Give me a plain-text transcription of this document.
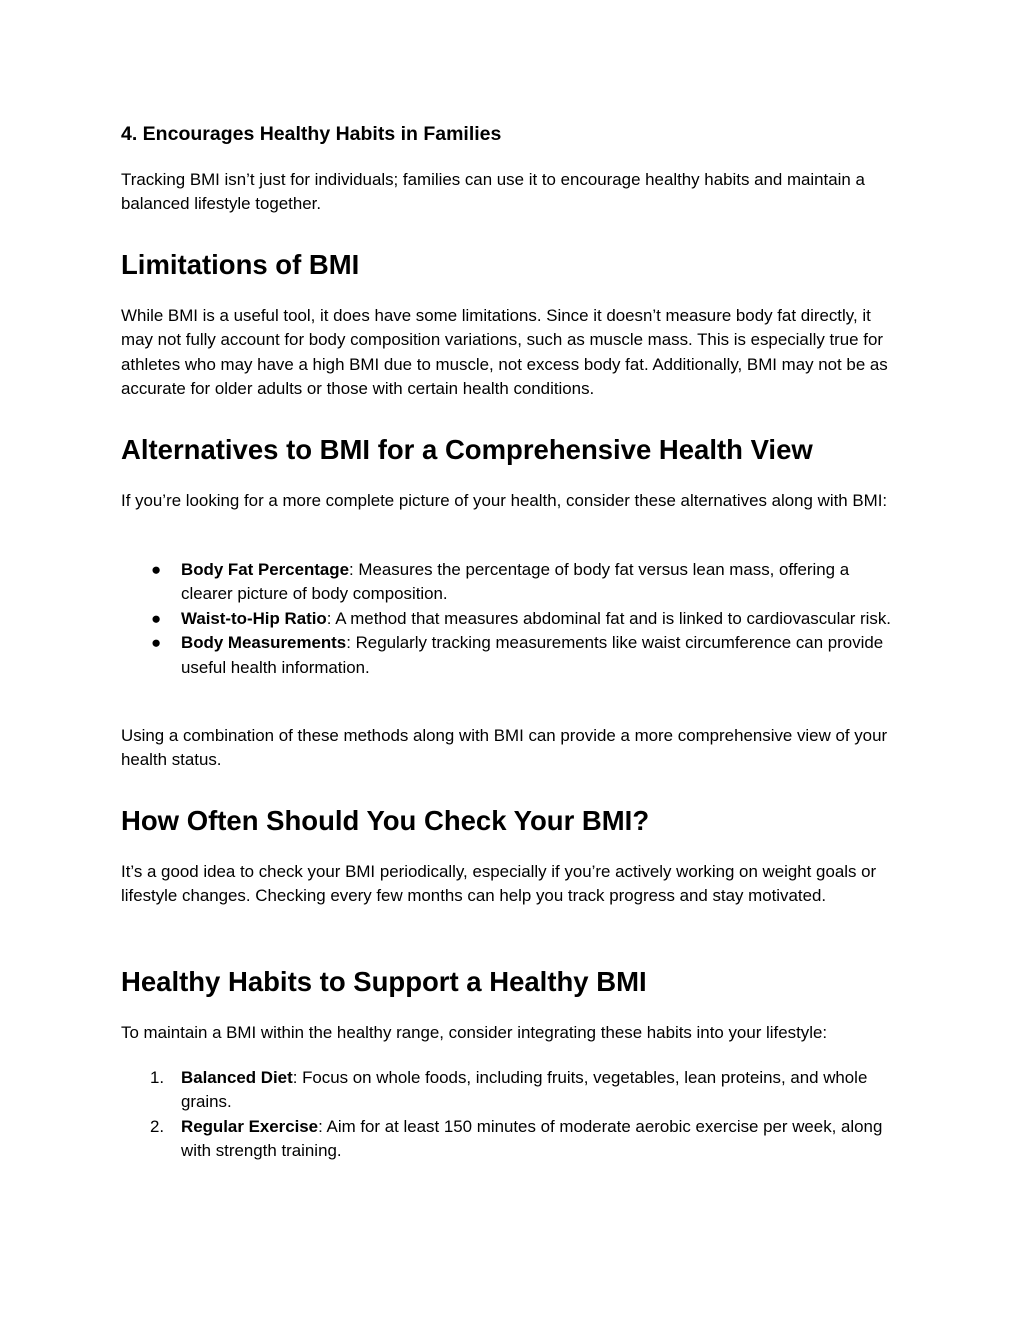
4. Encourages Healthy Habits in Families

Tracking BMI isn’t just for individuals; families can use it to encourage healthy habits and maintain a balanced lifestyle together.

Limitations of BMI

While BMI is a useful tool, it does have some limitations. Since it doesn’t measure body fat directly, it may not fully account for body composition variations, such as muscle mass. This is especially true for athletes who may have a high BMI due to muscle, not excess body fat. Additionally, BMI may not be as accurate for older adults or those with certain health conditions.

Alternatives to BMI for a Comprehensive Health View

If you’re looking for a more complete picture of your health, consider these alternatives along with BMI:

● Body Fat Percentage: Measures the percentage of body fat versus lean mass, offering a clearer picture of body composition.
● Waist-to-Hip Ratio: A method that measures abdominal fat and is linked to cardiovascular risk.
● Body Measurements: Regularly tracking measurements like waist circumference can provide useful health information.

Using a combination of these methods along with BMI can provide a more comprehensive view of your health status.

How Often Should You Check Your BMI?

It’s a good idea to check your BMI periodically, especially if you’re actively working on weight goals or lifestyle changes. Checking every few months can help you track progress and stay motivated.

Healthy Habits to Support a Healthy BMI

To maintain a BMI within the healthy range, consider integrating these habits into your lifestyle:

1. Balanced Diet: Focus on whole foods, including fruits, vegetables, lean proteins, and whole grains.
2. Regular Exercise: Aim for at least 150 minutes of moderate aerobic exercise per week, along with strength training.
